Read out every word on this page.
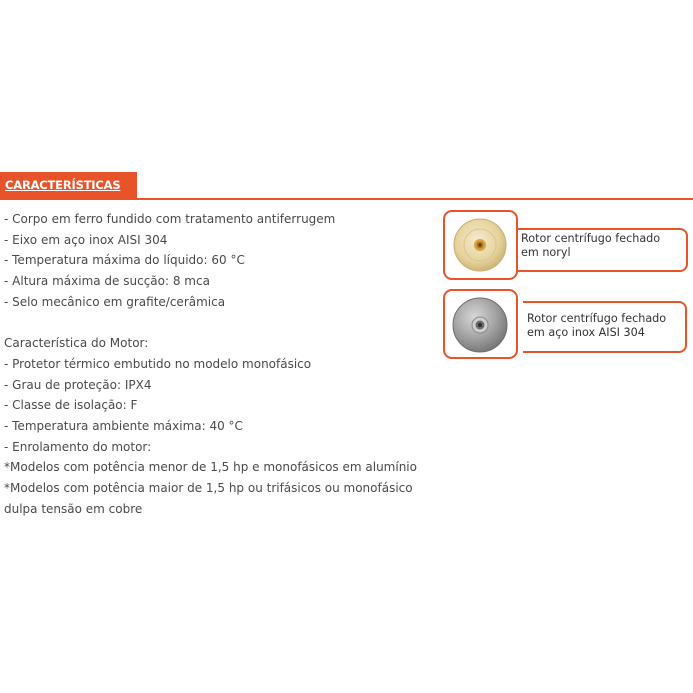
CARACTERÍSTICAS
- Corpo em ferro fundido com tratamento antiferrugem
- Eixo em aço inox AISI 304
- Temperatura máxima do líquido: 60 °C
- Altura máxima de sucção: 8 mca
- Selo mecânico em grafite/cerâmica
Característica do Motor:
- Protetor térmico embutido no modelo monofásico
- Grau de proteção: IPX4
- Classe de isolação: F
- Temperatura ambiente máxima: 40 °C
- Enrolamento do motor:
*Modelos com potência menor de 1,5 hp e monofásicos em alumínio
*Modelos com potência maior de 1,5 hp ou trifásicos ou monofásico
dulpa tensão em cobre
Rotor centrífugo fechado
em noryl
Rotor centrífugo fechado
em aço inox AISI 304
